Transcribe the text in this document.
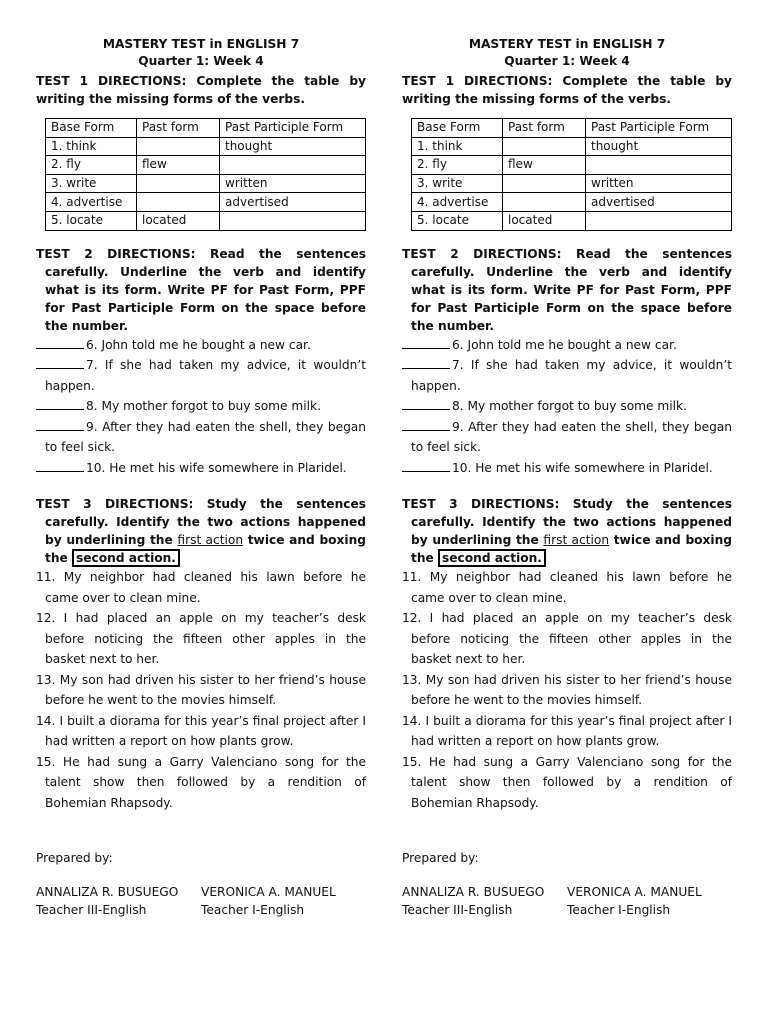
MASTERY TEST in ENGLISH 7
Quarter 1: Week 4
TEST 1 DIRECTIONS: Complete the table by writing the missing forms of the verbs.
Base Form	Past form	Past Participle Form
1. think		thought
2. fly	flew	
3. write		written
4. advertise		advertised
5. locate	located	
TEST 2 DIRECTIONS: Read the sentences carefully. Underline the verb and identify what is its form. Write PF for Past Form, PPF for Past Participle Form on the space before the number.
6. John told me he bought a new car.
7. If she had taken my advice, it wouldn’t happen.
8. My mother forgot to buy some milk.
9. After they had eaten the shell, they began to feel sick.
10. He met his wife somewhere in Plaridel.
TEST 3 DIRECTIONS: Study the sentences carefully. Identify the two actions happened by underlining the first action twice and boxing the second action.
11. My neighbor had cleaned his lawn before he came over to clean mine.
12. I had placed an apple on my teacher’s desk before noticing the fifteen other apples in the basket next to her.
13. My son had driven his sister to her friend’s house before he went to the movies himself.
14. I built a diorama for this year’s final project after I had written a report on how plants grow.
15. He had sung a Garry Valenciano song for the talent show then followed by a rendition of Bohemian Rhapsody.
Prepared by:
ANNALIZA R. BUSUEGO
Teacher III-English
VERONICA A. MANUEL
Teacher I-English
MASTERY TEST in ENGLISH 7
Quarter 1: Week 4
TEST 1 DIRECTIONS: Complete the table by writing the missing forms of the verbs.
Base Form	Past form	Past Participle Form
1. think		thought
2. fly	flew	
3. write		written
4. advertise		advertised
5. locate	located	
TEST 2 DIRECTIONS: Read the sentences carefully. Underline the verb and identify what is its form. Write PF for Past Form, PPF for Past Participle Form on the space before the number.
6. John told me he bought a new car.
7. If she had taken my advice, it wouldn’t happen.
8. My mother forgot to buy some milk.
9. After they had eaten the shell, they began to feel sick.
10. He met his wife somewhere in Plaridel.
TEST 3 DIRECTIONS: Study the sentences carefully. Identify the two actions happened by underlining the first action twice and boxing the second action.
11. My neighbor had cleaned his lawn before he came over to clean mine.
12. I had placed an apple on my teacher’s desk before noticing the fifteen other apples in the basket next to her.
13. My son had driven his sister to her friend’s house before he went to the movies himself.
14. I built a diorama for this year’s final project after I had written a report on how plants grow.
15. He had sung a Garry Valenciano song for the talent show then followed by a rendition of Bohemian Rhapsody.
Prepared by:
ANNALIZA R. BUSUEGO
Teacher III-English
VERONICA A. MANUEL
Teacher I-English
